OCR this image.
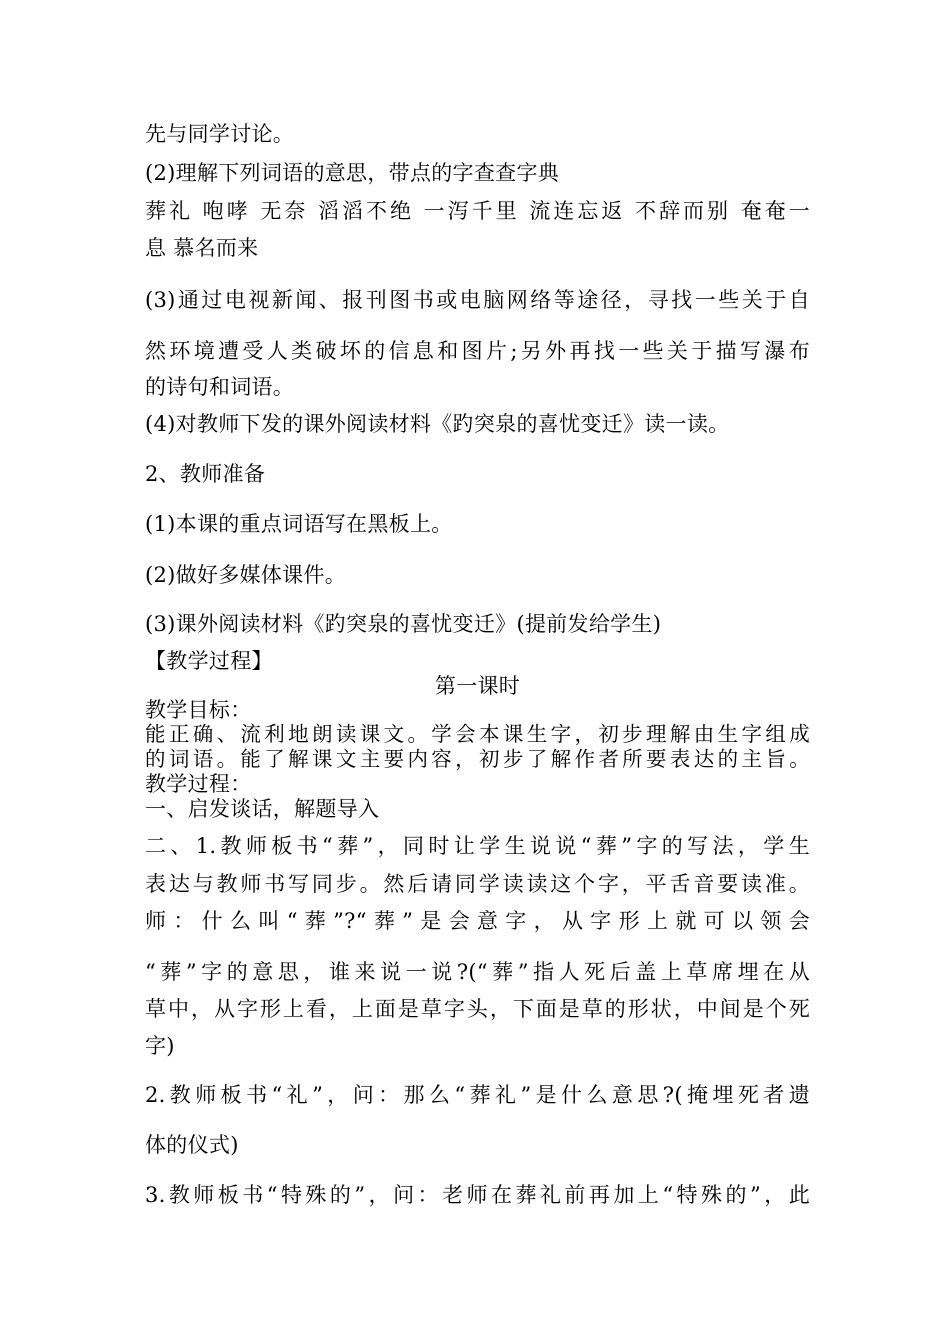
先与同学讨论。
(2)理解下列词语的意思，带点的字查查字典
葬礼 咆哮 无奈 滔滔不绝 一泻千里 流连忘返 不辞而别 奄奄一
息 慕名而来
(3)通过电视新闻、报刊图书或电脑网络等途径，寻找一些关于自
然环境遭受人类破坏的信息和图片;另外再找一些关于描写瀑布
的诗句和词语。
(4)对教师下发的课外阅读材料《趵突泉的喜忧变迁》读一读。
2、教师准备
(1)本课的重点词语写在黑板上。
(2)做好多媒体课件。
(3)课外阅读材料《趵突泉的喜忧变迁》(提前发给学生)
【教学过程】
第一课时
教学目标：
能正确、流利地朗读课文。学会本课生字，初步理解由生字组成
的词语。能了解课文主要内容，初步了解作者所要表达的主旨。
教学过程：
一、启发谈话，解题导入
二、1.教师板书“葬”，同时让学生说说“葬”字的写法，学生
表达与教师书写同步。然后请同学读读这个字，平舌音要读准。
师：什么叫“葬”?“葬”是会意字，从字形上就可以领会
“葬”字的意思，谁来说一说?(“葬”指人死后盖上草席埋在从
草中，从字形上看，上面是草字头，下面是草的形状，中间是个死
字)
2.教师板书“礼”，问：那么“葬礼”是什么意思?(掩埋死者遗
体的仪式)
3.教师板书“特殊的”，问：老师在葬礼前再加上“特殊的”，此
